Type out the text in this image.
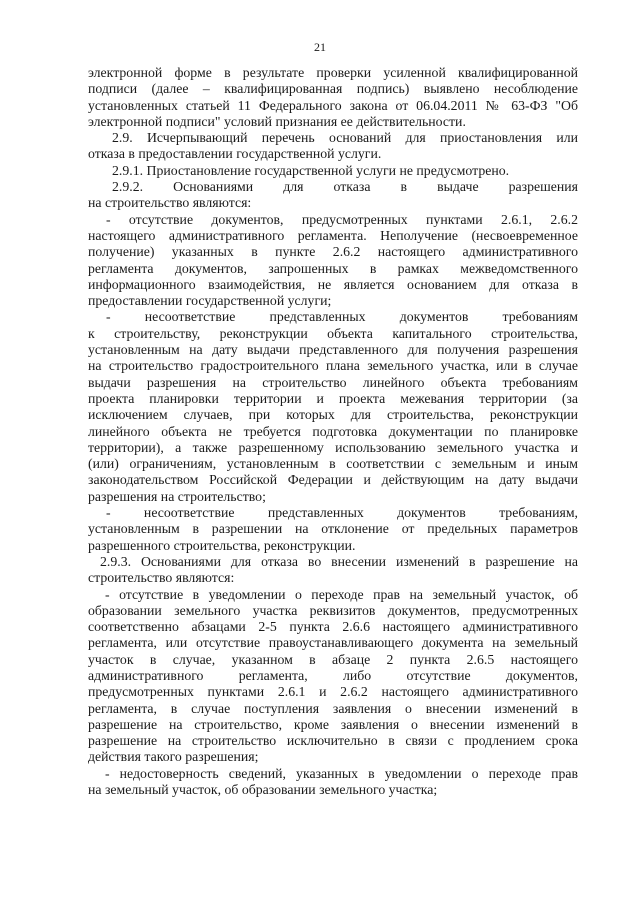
21
электронной форме в результате проверки усиленной квалифицированной
подписи (далее – квалифицированная подпись) выявлено несоблюдение
установленных статьей 11 Федерального закона от 06.04.2011 № 63-ФЗ "Об
электронной подписи" условий признания ее действительности.
2.9. Исчерпывающий перечень оснований для приостановления или
отказа в предоставлении государственной услуги.
2.9.1. Приостановление государственной услуги не предусмотрено.
2.9.2. Основаниями для отказа в выдаче разрешения
на строительство являются:
- отсутствие документов, предусмотренных пунктами 2.6.1, 2.6.2
настоящего административного регламента. Неполучение (несвоевременное
получение) указанных в пункте 2.6.2 настоящего административного
регламента документов, запрошенных в рамках межведомственного
информационного взаимодействия, не является основанием для отказа в
предоставлении государственной услуги;
- несоответствие представленных документов требованиям
к строительству, реконструкции объекта капитального строительства,
установленным на дату выдачи представленного для получения разрешения
на строительство градостроительного плана земельного участка, или в случае
выдачи разрешения на строительство линейного объекта требованиям
проекта планировки территории и проекта межевания территории (за
исключением случаев, при которых для строительства, реконструкции
линейного объекта не требуется подготовка документации по планировке
территории), а также разрешенному использованию земельного участка и
(или) ограничениям, установленным в соответствии с земельным и иным
законодательством Российской Федерации и действующим на дату выдачи
разрешения на строительство;
- несоответствие представленных документов требованиям,
установленным в разрешении на отклонение от предельных параметров
разрешенного строительства, реконструкции.
2.9.3. Основаниями для отказа во внесении изменений в разрешение на
строительство являются:
- отсутствие в уведомлении о переходе прав на земельный участок, об
образовании земельного участка реквизитов документов, предусмотренных
соответственно абзацами 2-5 пункта 2.6.6 настоящего административного
регламента, или отсутствие правоустанавливающего документа на земельный
участок в случае, указанном в абзаце 2 пункта 2.6.5 настоящего
административного регламента, либо отсутствие документов,
предусмотренных пунктами 2.6.1 и 2.6.2 настоящего административного
регламента, в случае поступления заявления о внесении изменений в
разрешение на строительство, кроме заявления о внесении изменений в
разрешение на строительство исключительно в связи с продлением срока
действия такого разрешения;
- недостоверность сведений, указанных в уведомлении о переходе прав
на земельный участок, об образовании земельного участка;
